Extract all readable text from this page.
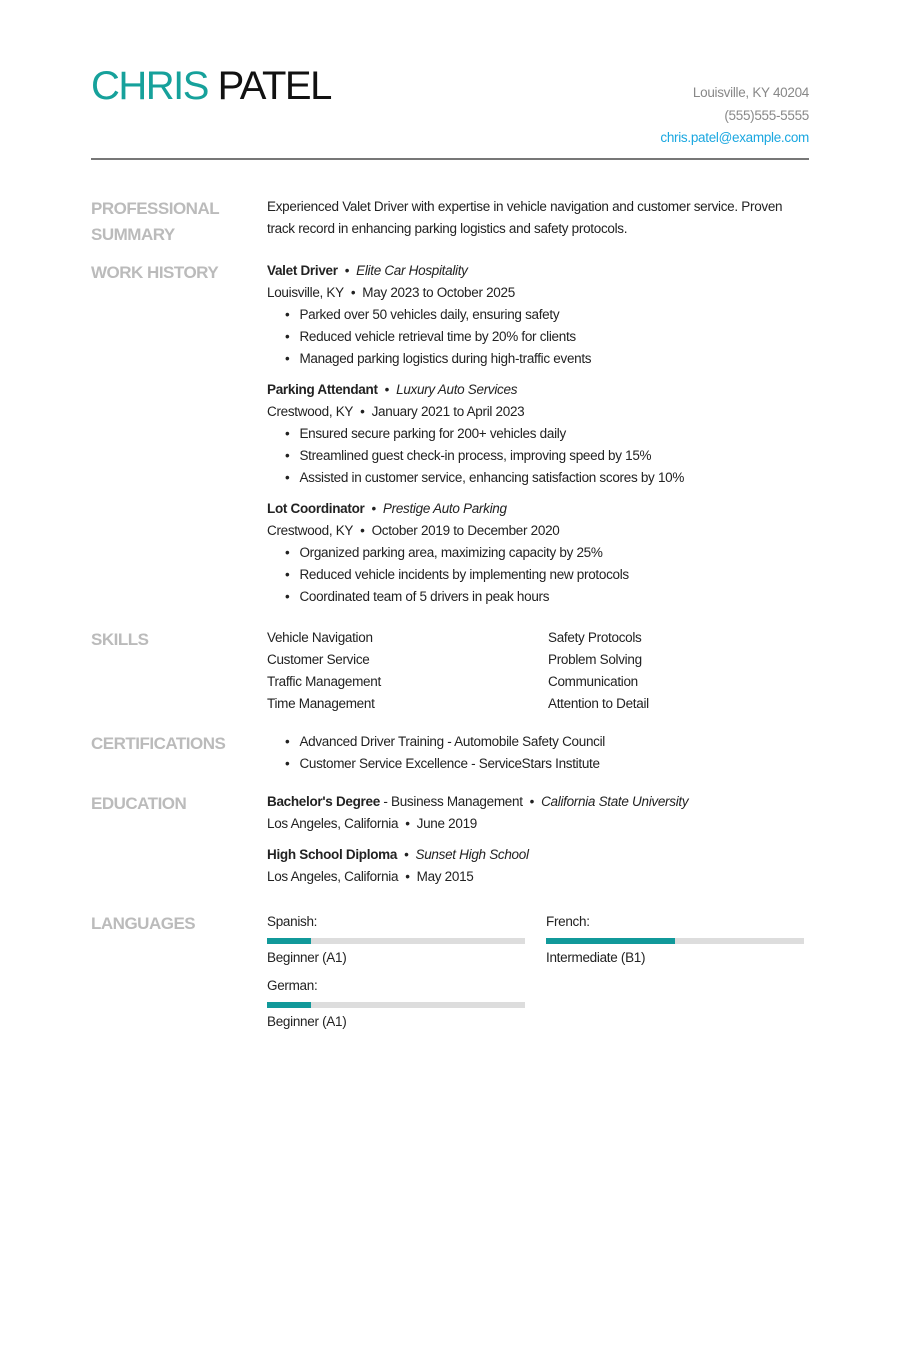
CHRIS PATEL	Louisville, KY 40204
(555)555-5555
chris.patel@example.com
PROFESSIONAL SUMMARY
Experienced Valet Driver with expertise in vehicle navigation and customer service. Proven track record in enhancing parking logistics and safety protocols.
WORK HISTORY	Valet Driver • Elite Car Hospitality
Louisville, KY • May 2023 to October 2025
• Parked over 50 vehicles daily, ensuring safety
• Reduced vehicle retrieval time by 20% for clients
• Managed parking logistics during high-traffic events
Parking Attendant • Luxury Auto Services
Crestwood, KY • January 2021 to April 2023
• Ensured secure parking for 200+ vehicles daily
• Streamlined guest check-in process, improving speed by 15%
• Assisted in customer service, enhancing satisfaction scores by 10%
Lot Coordinator • Prestige Auto Parking
Crestwood, KY • October 2019 to December 2020
• Organized parking area, maximizing capacity by 25%
• Reduced vehicle incidents by implementing new protocols
• Coordinated team of 5 drivers in peak hours
SKILLS	Vehicle Navigation	Safety Protocols
Customer Service	Problem Solving
Traffic Management	Communication
Time Management	Attention to Detail
CERTIFICATIONS	• Advanced Driver Training - Automobile Safety Council
• Customer Service Excellence - ServiceStars Institute
EDUCATION	Bachelor's Degree - Business Management • California State University
Los Angeles, California • June 2019
High School Diploma • Sunset High School
Los Angeles, California • May 2015
LANGUAGES	Spanish:
Beginner (A1)
French:
Intermediate (B1)
German:
Beginner (A1)
